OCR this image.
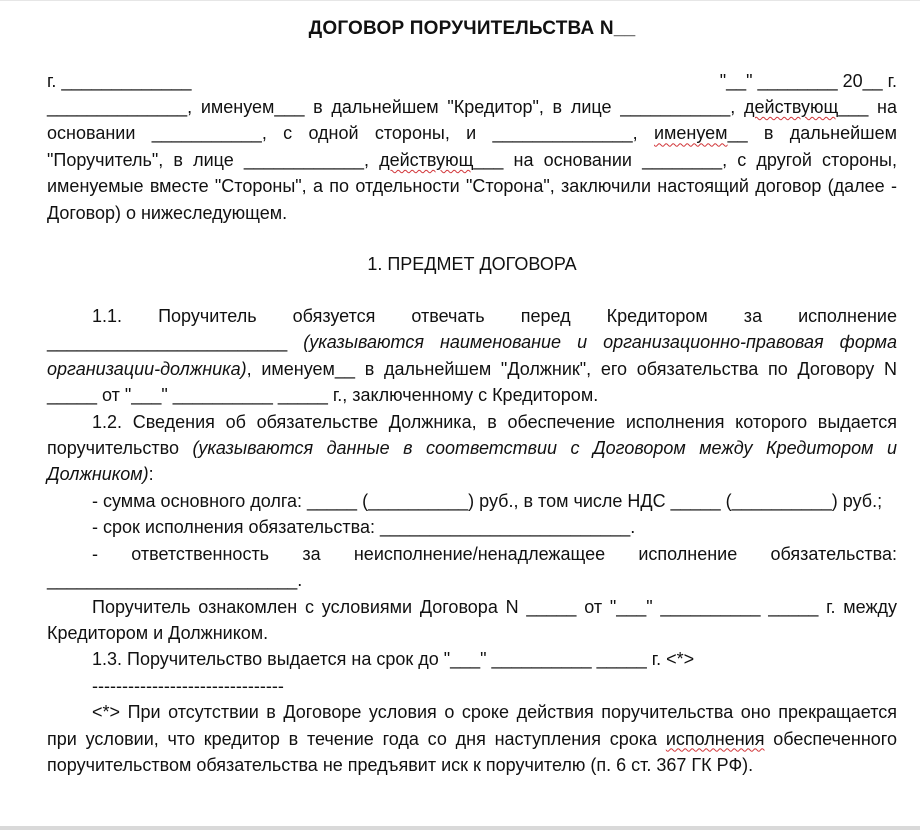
ДОГОВОР ПОРУЧИТЕЛЬСТВА N__
г. _____________	"__" ________ 20__ г.

______________, именуем___ в дальнейшем "Кредитор", в лице ___________, действующ___ на основании ___________, с одной стороны, и ______________, именуем__ в дальнейшем "Поручитель", в лице ____________, действующ___ на основании ________, с другой стороны, именуемые вместе "Стороны", а по отдельности "Сторона", заключили настоящий договор (далее - Договор) о нижеследующем.

1. ПРЕДМЕТ ДОГОВОРА

1.1. Поручитель обязуется отвечать перед Кредитором за исполнение ________________________ (указываются наименование и организационно-правовая форма организации-должника), именуем__ в дальнейшем "Должник", его обязательства по Договору N _____ от "___" __________ _____ г., заключенному с Кредитором.

1.2. Сведения об обязательстве Должника, в обеспечение исполнения которого выдается поручительство (указываются данные в соответствии с Договором между Кредитором и Должником):

- сумма основного долга: _____ (__________) руб., в том числе НДС _____ (__________) руб.;

- срок исполнения обязательства: _________________________.

- ответственность за неисполнение/ненадлежащее исполнение обязательства: _________________________.

Поручитель ознакомлен с условиями Договора N _____ от "___" __________ _____ г. между Кредитором и Должником.

1.3. Поручительство выдается на срок до "___" __________ _____ г. <*>

--------------------------------

<*> При отсутствии в Договоре условия о сроке действия поручительства оно прекращается при условии, что кредитор в течение года со дня наступления срока исполнения обеспеченного поручительством обязательства не предъявит иск к поручителю (п. 6 ст. 367 ГК РФ).
